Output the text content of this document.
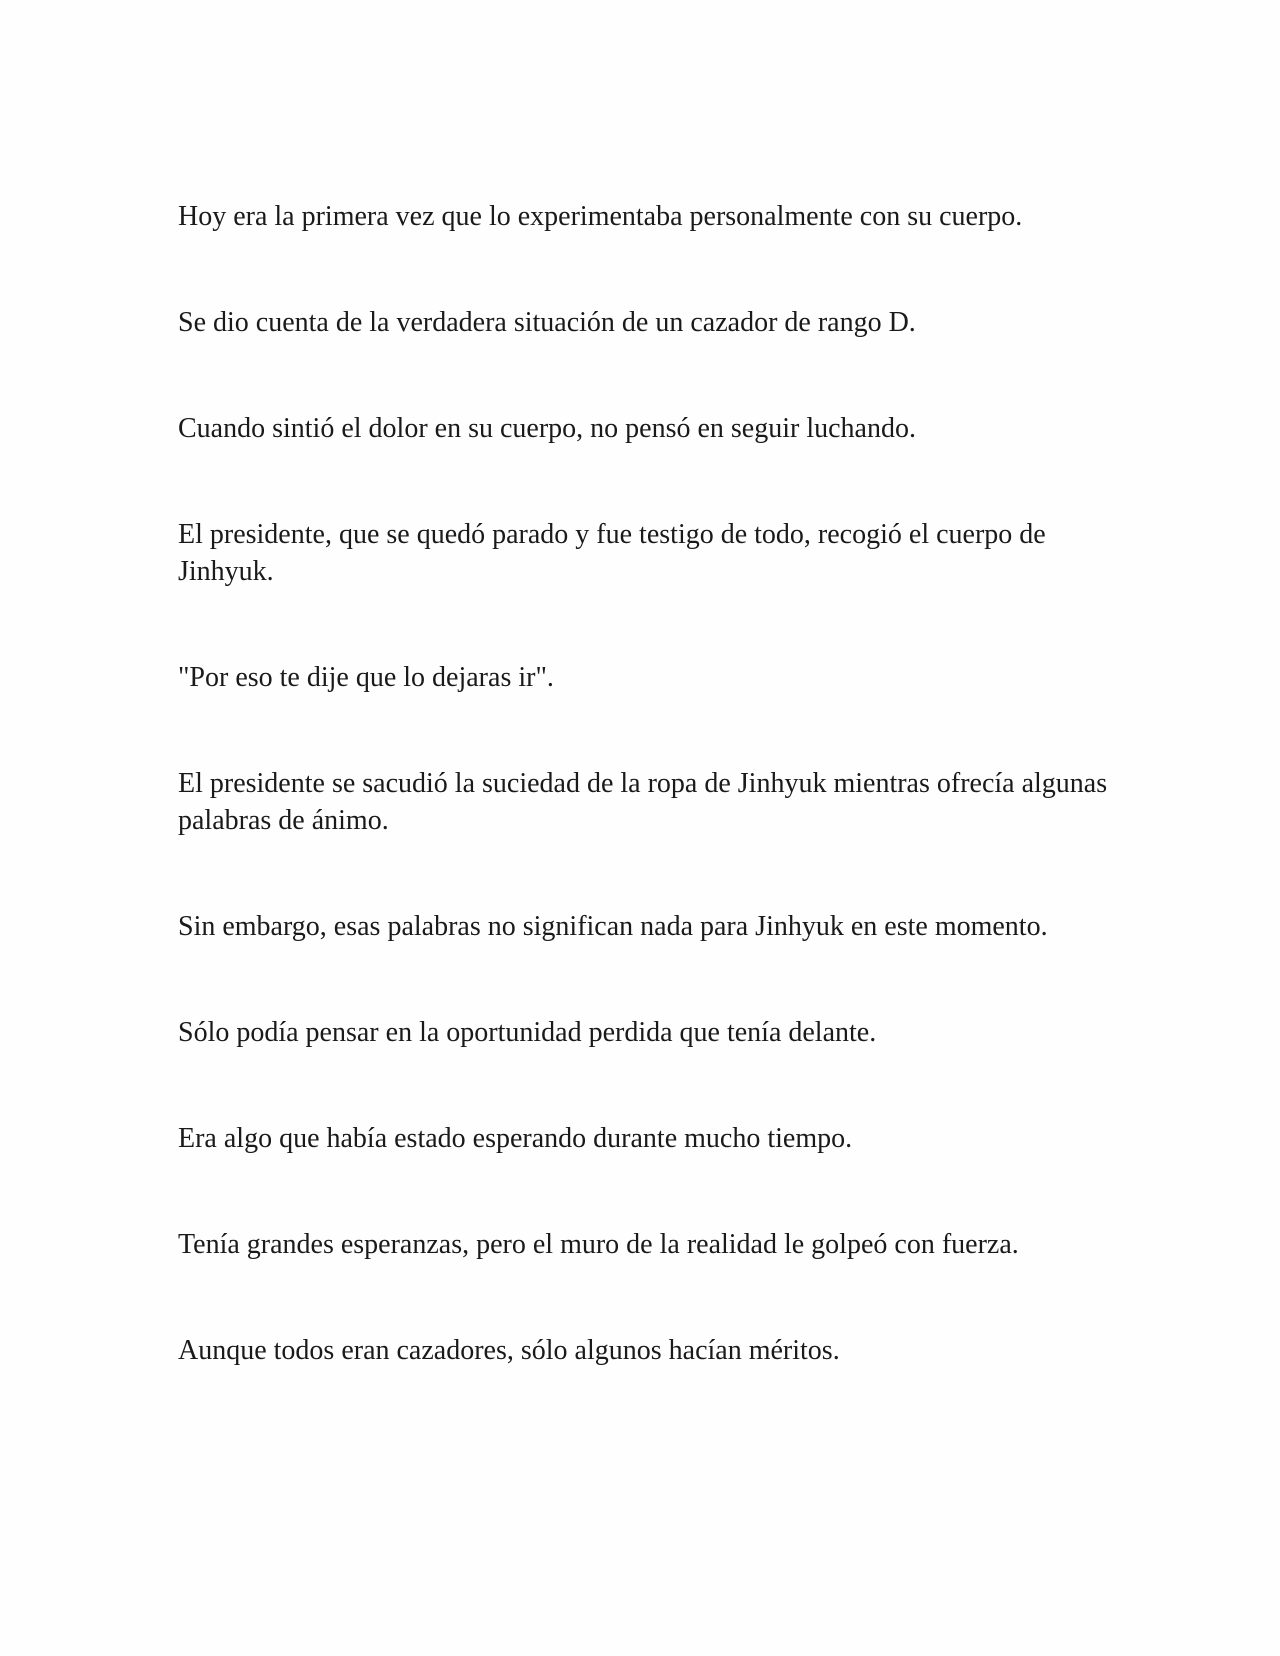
Hoy era la primera vez que lo experimentaba personalmente con su cuerpo.

Se dio cuenta de la verdadera situación de un cazador de rango D.

Cuando sintió el dolor en su cuerpo, no pensó en seguir luchando.

El presidente, que se quedó parado y fue testigo de todo, recogió el cuerpo de Jinhyuk.

"Por eso te dije que lo dejaras ir".

El presidente se sacudió la suciedad de la ropa de Jinhyuk mientras ofrecía algunas palabras de ánimo.

Sin embargo, esas palabras no significan nada para Jinhyuk en este momento.

Sólo podía pensar en la oportunidad perdida que tenía delante.

Era algo que había estado esperando durante mucho tiempo.

Tenía grandes esperanzas, pero el muro de la realidad le golpeó con fuerza.

Aunque todos eran cazadores, sólo algunos hacían méritos.
